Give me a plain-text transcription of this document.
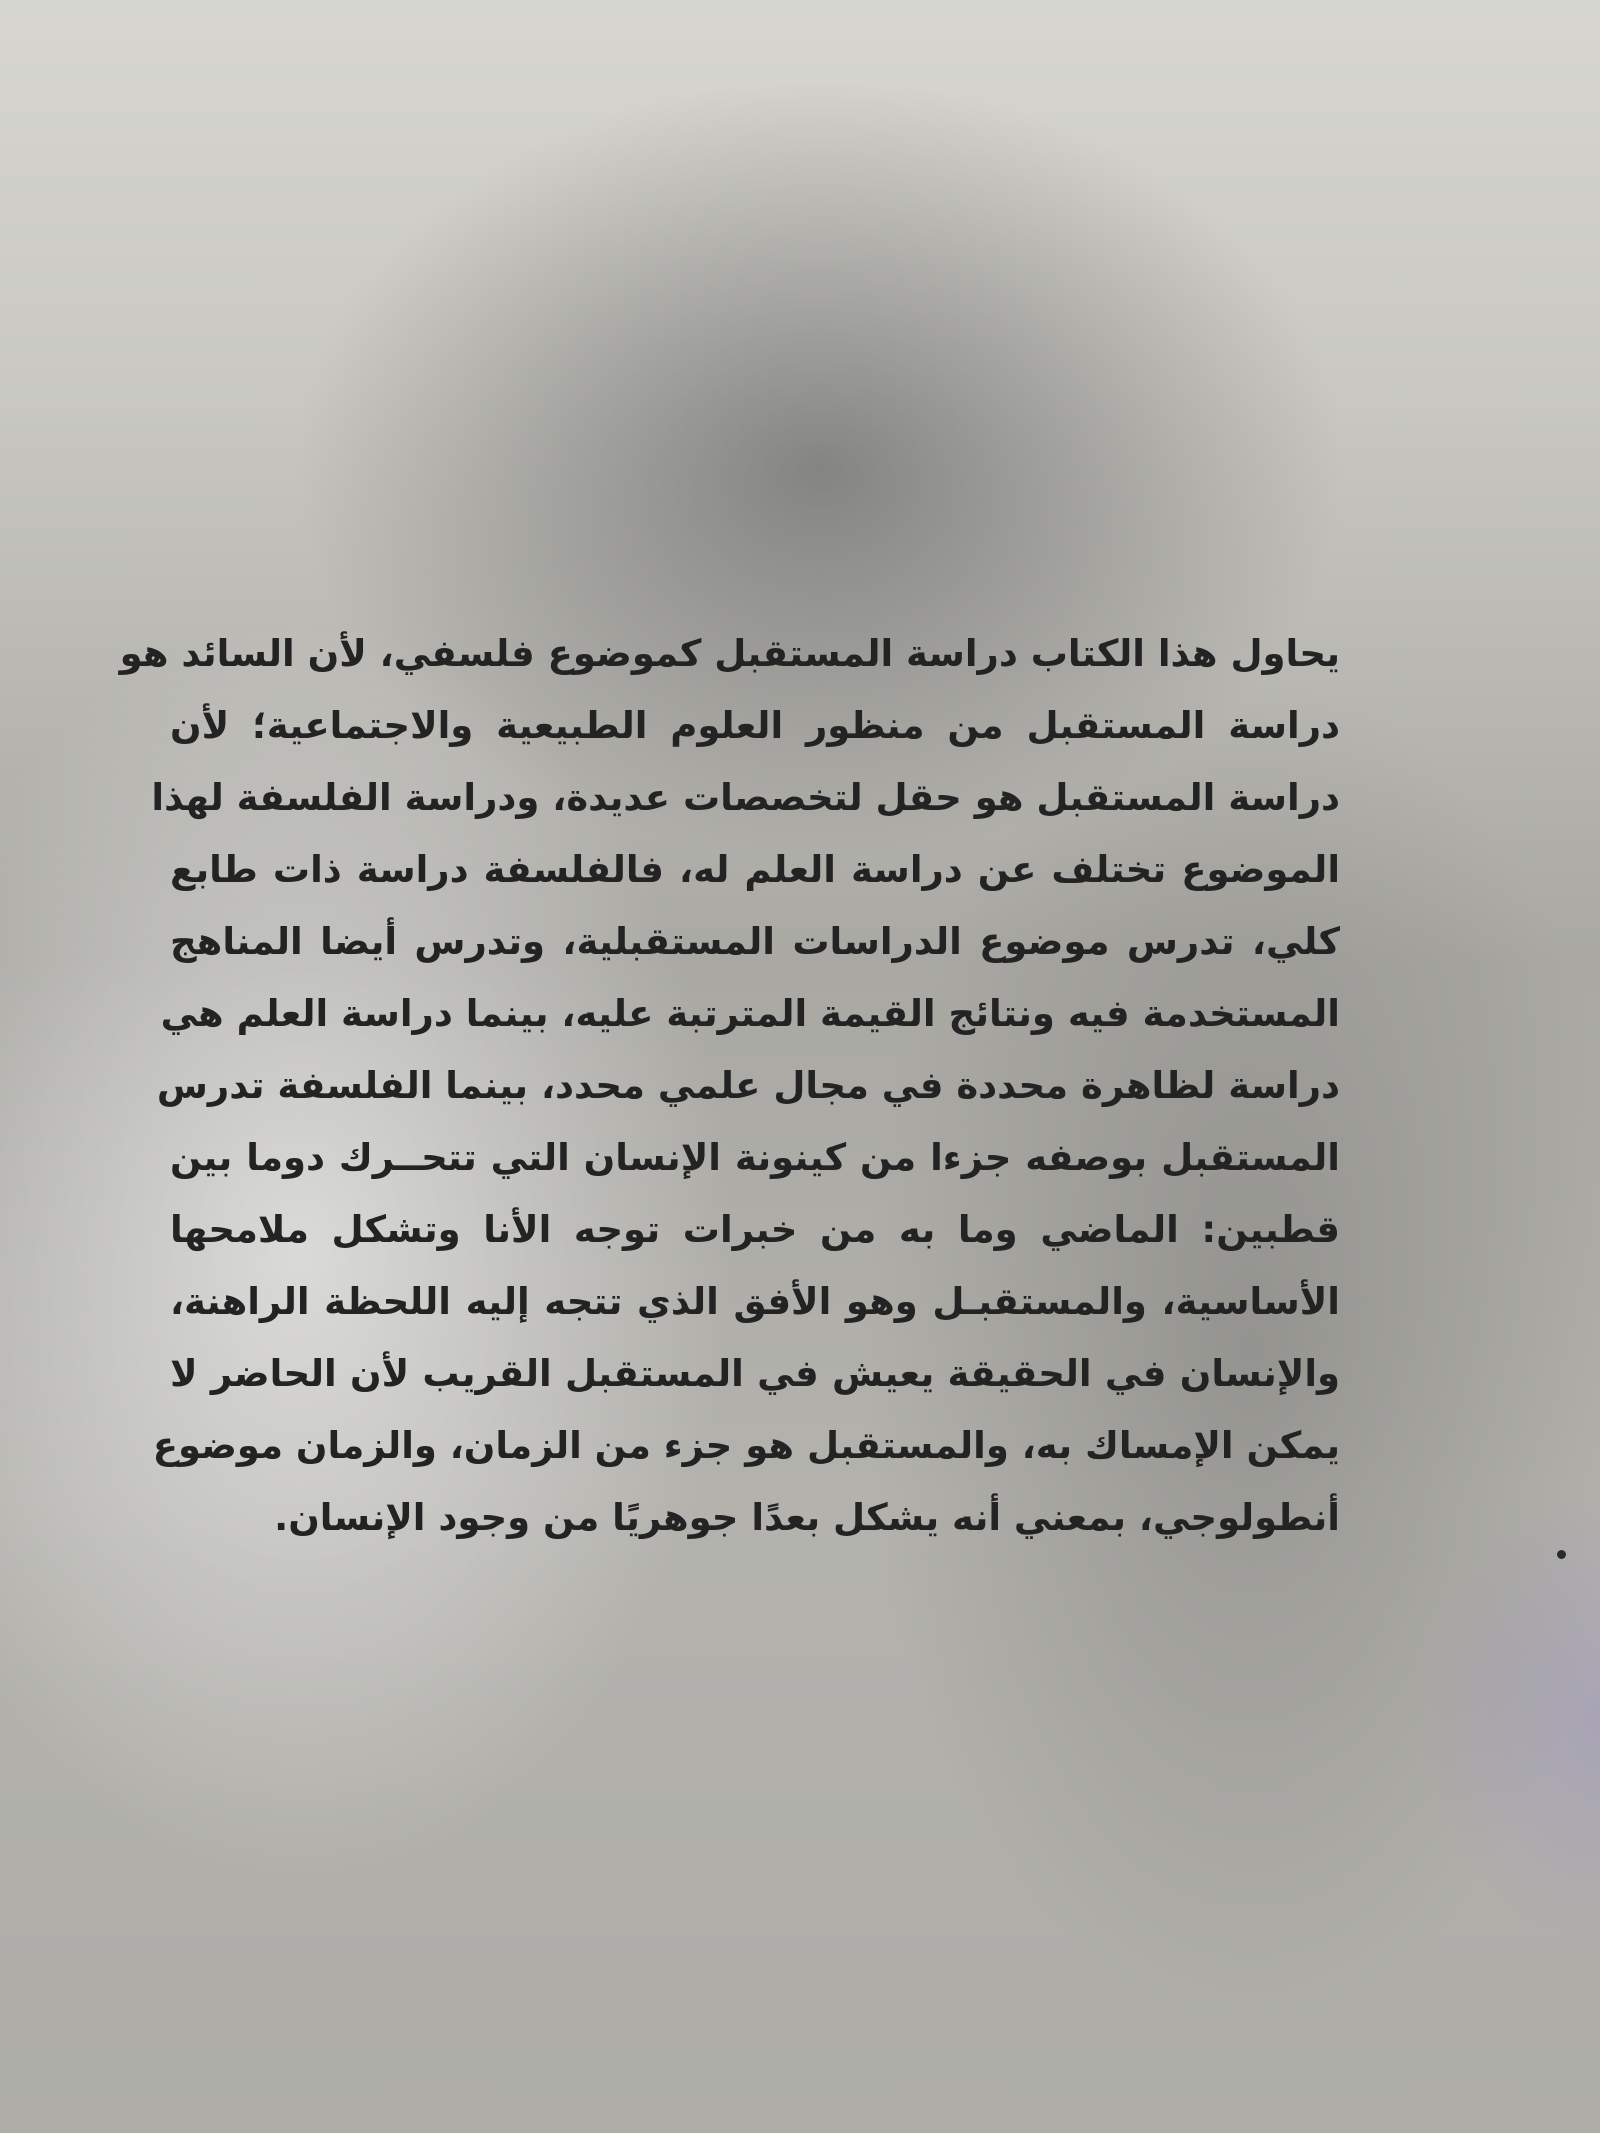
يحاول هذا الكتاب دراسة المستقبل كموضوع فلسفي، لأن السائد هو
دراسة المستقبل من منظور العلوم الطبيعية والاجتماعية؛ لأن
دراسة المستقبل هو حقل لتخصصات عديدة، ودراسة الفلسفة لهذا
الموضوع تختلف عن دراسة العلم له، فالفلسفة دراسة ذات طابع
كلي، تدرس موضوع الدراسات المستقبلية، وتدرس أيضا المناهج
المستخدمة فيه ونتائج القيمة المترتبة عليه، بينما دراسة العلم هي
دراسة لظاهرة محددة في مجال علمي محدد، بينما الفلسفة تدرس
المستقبل بوصفه جزءا من كينونة الإنسان التي تتحــرك دوما بين
قطبين: الماضي وما به من خبرات توجه الأنا وتشكل ملامحها
الأساسية، والمستقبـل وهو الأفق الذي تتجه إليه اللحظة الراهنة،
والإنسان في الحقيقة يعيش في المستقبل القريب لأن الحاضر لا
يمكن الإمساك به، والمستقبل هو جزء من الزمان، والزمان موضوع
أنطولوجي، بمعني أنه يشكل بعدًا جوهريًا من وجود الإنسان.
